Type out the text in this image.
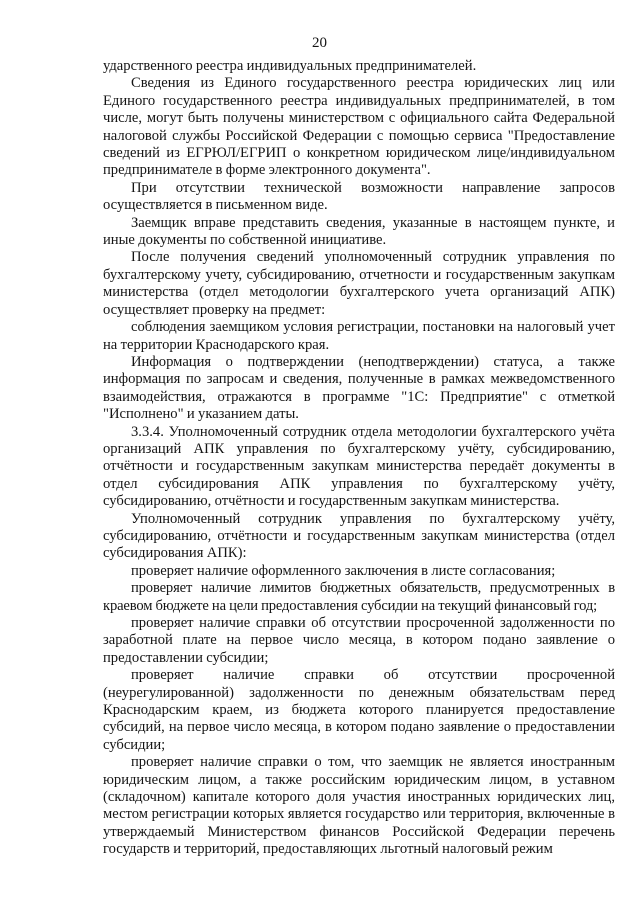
20

ударственного реестра индивидуальных предпринимателей.

Сведения из Единого государственного реестра юридических лиц или Единого государственного реестра индивидуальных предпринимателей, в том числе, могут быть получены министерством с официального сайта Федеральной налоговой службы Российской Федерации с помощью сервиса "Предоставление сведений из ЕГРЮЛ/ЕГРИП о конкретном юридическом лице/индивидуальном предпринимателе в форме электронного документа".

При отсутствии технической возможности направление запросов осуществляется в письменном виде.

Заемщик вправе представить сведения, указанные в настоящем пункте, и иные документы по собственной инициативе.

После получения сведений уполномоченный сотрудник управления по бухгалтерскому учету, субсидированию, отчетности и государственным закупкам министерства (отдел методологии бухгалтерского учета организаций АПК) осуществляет проверку на предмет:

соблюдения заемщиком условия регистрации, постановки на налоговый учет на территории Краснодарского края.

Информация о подтверждении (неподтверждении) статуса, а также информация по запросам и сведения, полученные в рамках межведомственного взаимодействия, отражаются в программе "1С: Предприятие" с отметкой "Исполнено" и указанием даты.

3.3.4. Уполномоченный сотрудник отдела методологии бухгалтерского учёта организаций АПК управления по бухгалтерскому учёту, субсидированию, отчётности и государственным закупкам министерства передаёт документы в отдел субсидирования АПК управления по бухгалтерскому учёту, субсидированию, отчётности и государственным закупкам министерства.

Уполномоченный сотрудник управления по бухгалтерскому учёту, субсидированию, отчётности и государственным закупкам министерства (отдел субсидирования АПК):

проверяет наличие оформленного заключения в листе согласования;

проверяет наличие лимитов бюджетных обязательств, предусмотренных в краевом бюджете на цели предоставления субсидии на текущий финансовый год;

проверяет наличие справки об отсутствии просроченной задолженности по заработной плате на первое число месяца, в котором подано заявление о предоставлении субсидии;

проверяет наличие справки об отсутствии просроченной (неурегулированной) задолженности по денежным обязательствам перед Краснодарским краем, из бюджета которого планируется предоставление субсидий, на первое число месяца, в котором подано заявление о предоставлении субсидии;

проверяет наличие справки о том, что заемщик не является иностранным юридическим лицом, а также российским юридическим лицом, в уставном (складочном) капитале которого доля участия иностранных юридических лиц, местом регистрации которых является государство или территория, включенные в утверждаемый Министерством финансов Российской Федерации перечень государств и территорий, предоставляющих льготный налоговый режим
